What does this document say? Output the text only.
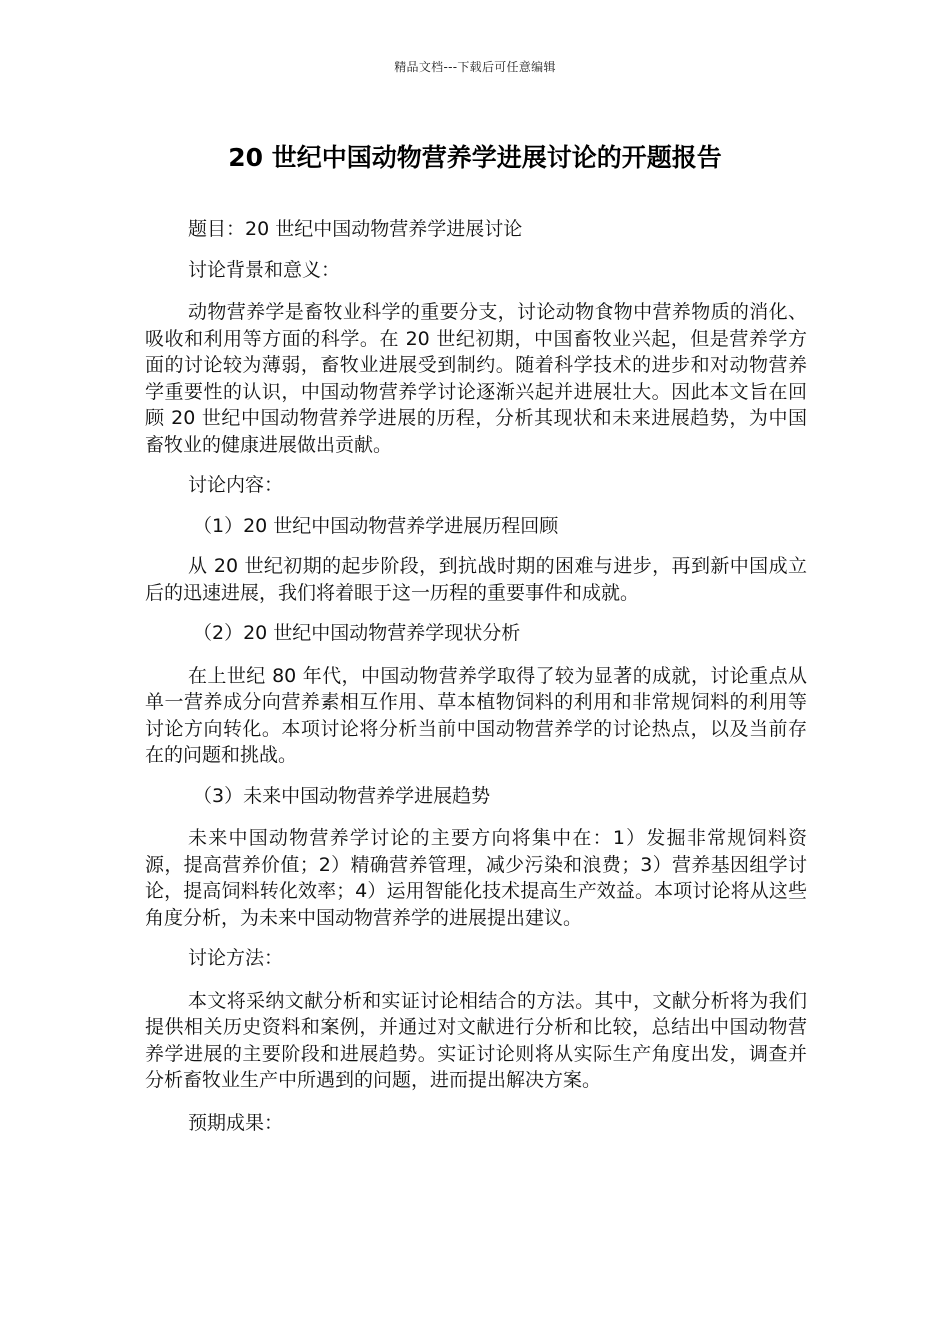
精品文档---下载后可任意编辑
20 世纪中国动物营养学进展讨论的开题报告

题目：20 世纪中国动物营养学进展讨论

讨论背景和意义：

动物营养学是畜牧业科学的重要分支，讨论动物食物中营养物质的消化、吸收和利用等方面的科学。在 20 世纪初期，中国畜牧业兴起，但是营养学方面的讨论较为薄弱，畜牧业进展受到制约。随着科学技术的进步和对动物营养学重要性的认识，中国动物营养学讨论逐渐兴起并进展壮大。因此本文旨在回顾 20 世纪中国动物营养学进展的历程，分析其现状和未来进展趋势，为中国畜牧业的健康进展做出贡献。

讨论内容：

（1）20 世纪中国动物营养学进展历程回顾

从 20 世纪初期的起步阶段，到抗战时期的困难与进步，再到新中国成立后的迅速进展，我们将着眼于这一历程的重要事件和成就。

（2）20 世纪中国动物营养学现状分析

在上世纪 80 年代，中国动物营养学取得了较为显著的成就，讨论重点从单一营养成分向营养素相互作用、草本植物饲料的利用和非常规饲料的利用等讨论方向转化。本项讨论将分析当前中国动物营养学的讨论热点，以及当前存在的问题和挑战。

（3）未来中国动物营养学进展趋势

未来中国动物营养学讨论的主要方向将集中在：1）发掘非常规饲料资源，提高营养价值；2）精确营养管理，减少污染和浪费；3）营养基因组学讨论，提高饲料转化效率；4）运用智能化技术提高生产效益。本项讨论将从这些角度分析，为未来中国动物营养学的进展提出建议。

讨论方法：

本文将采纳文献分析和实证讨论相结合的方法。其中，文献分析将为我们提供相关历史资料和案例，并通过对文献进行分析和比较，总结出中国动物营养学进展的主要阶段和进展趋势。实证讨论则将从实际生产角度出发，调查并分析畜牧业生产中所遇到的问题，进而提出解决方案。

预期成果：
